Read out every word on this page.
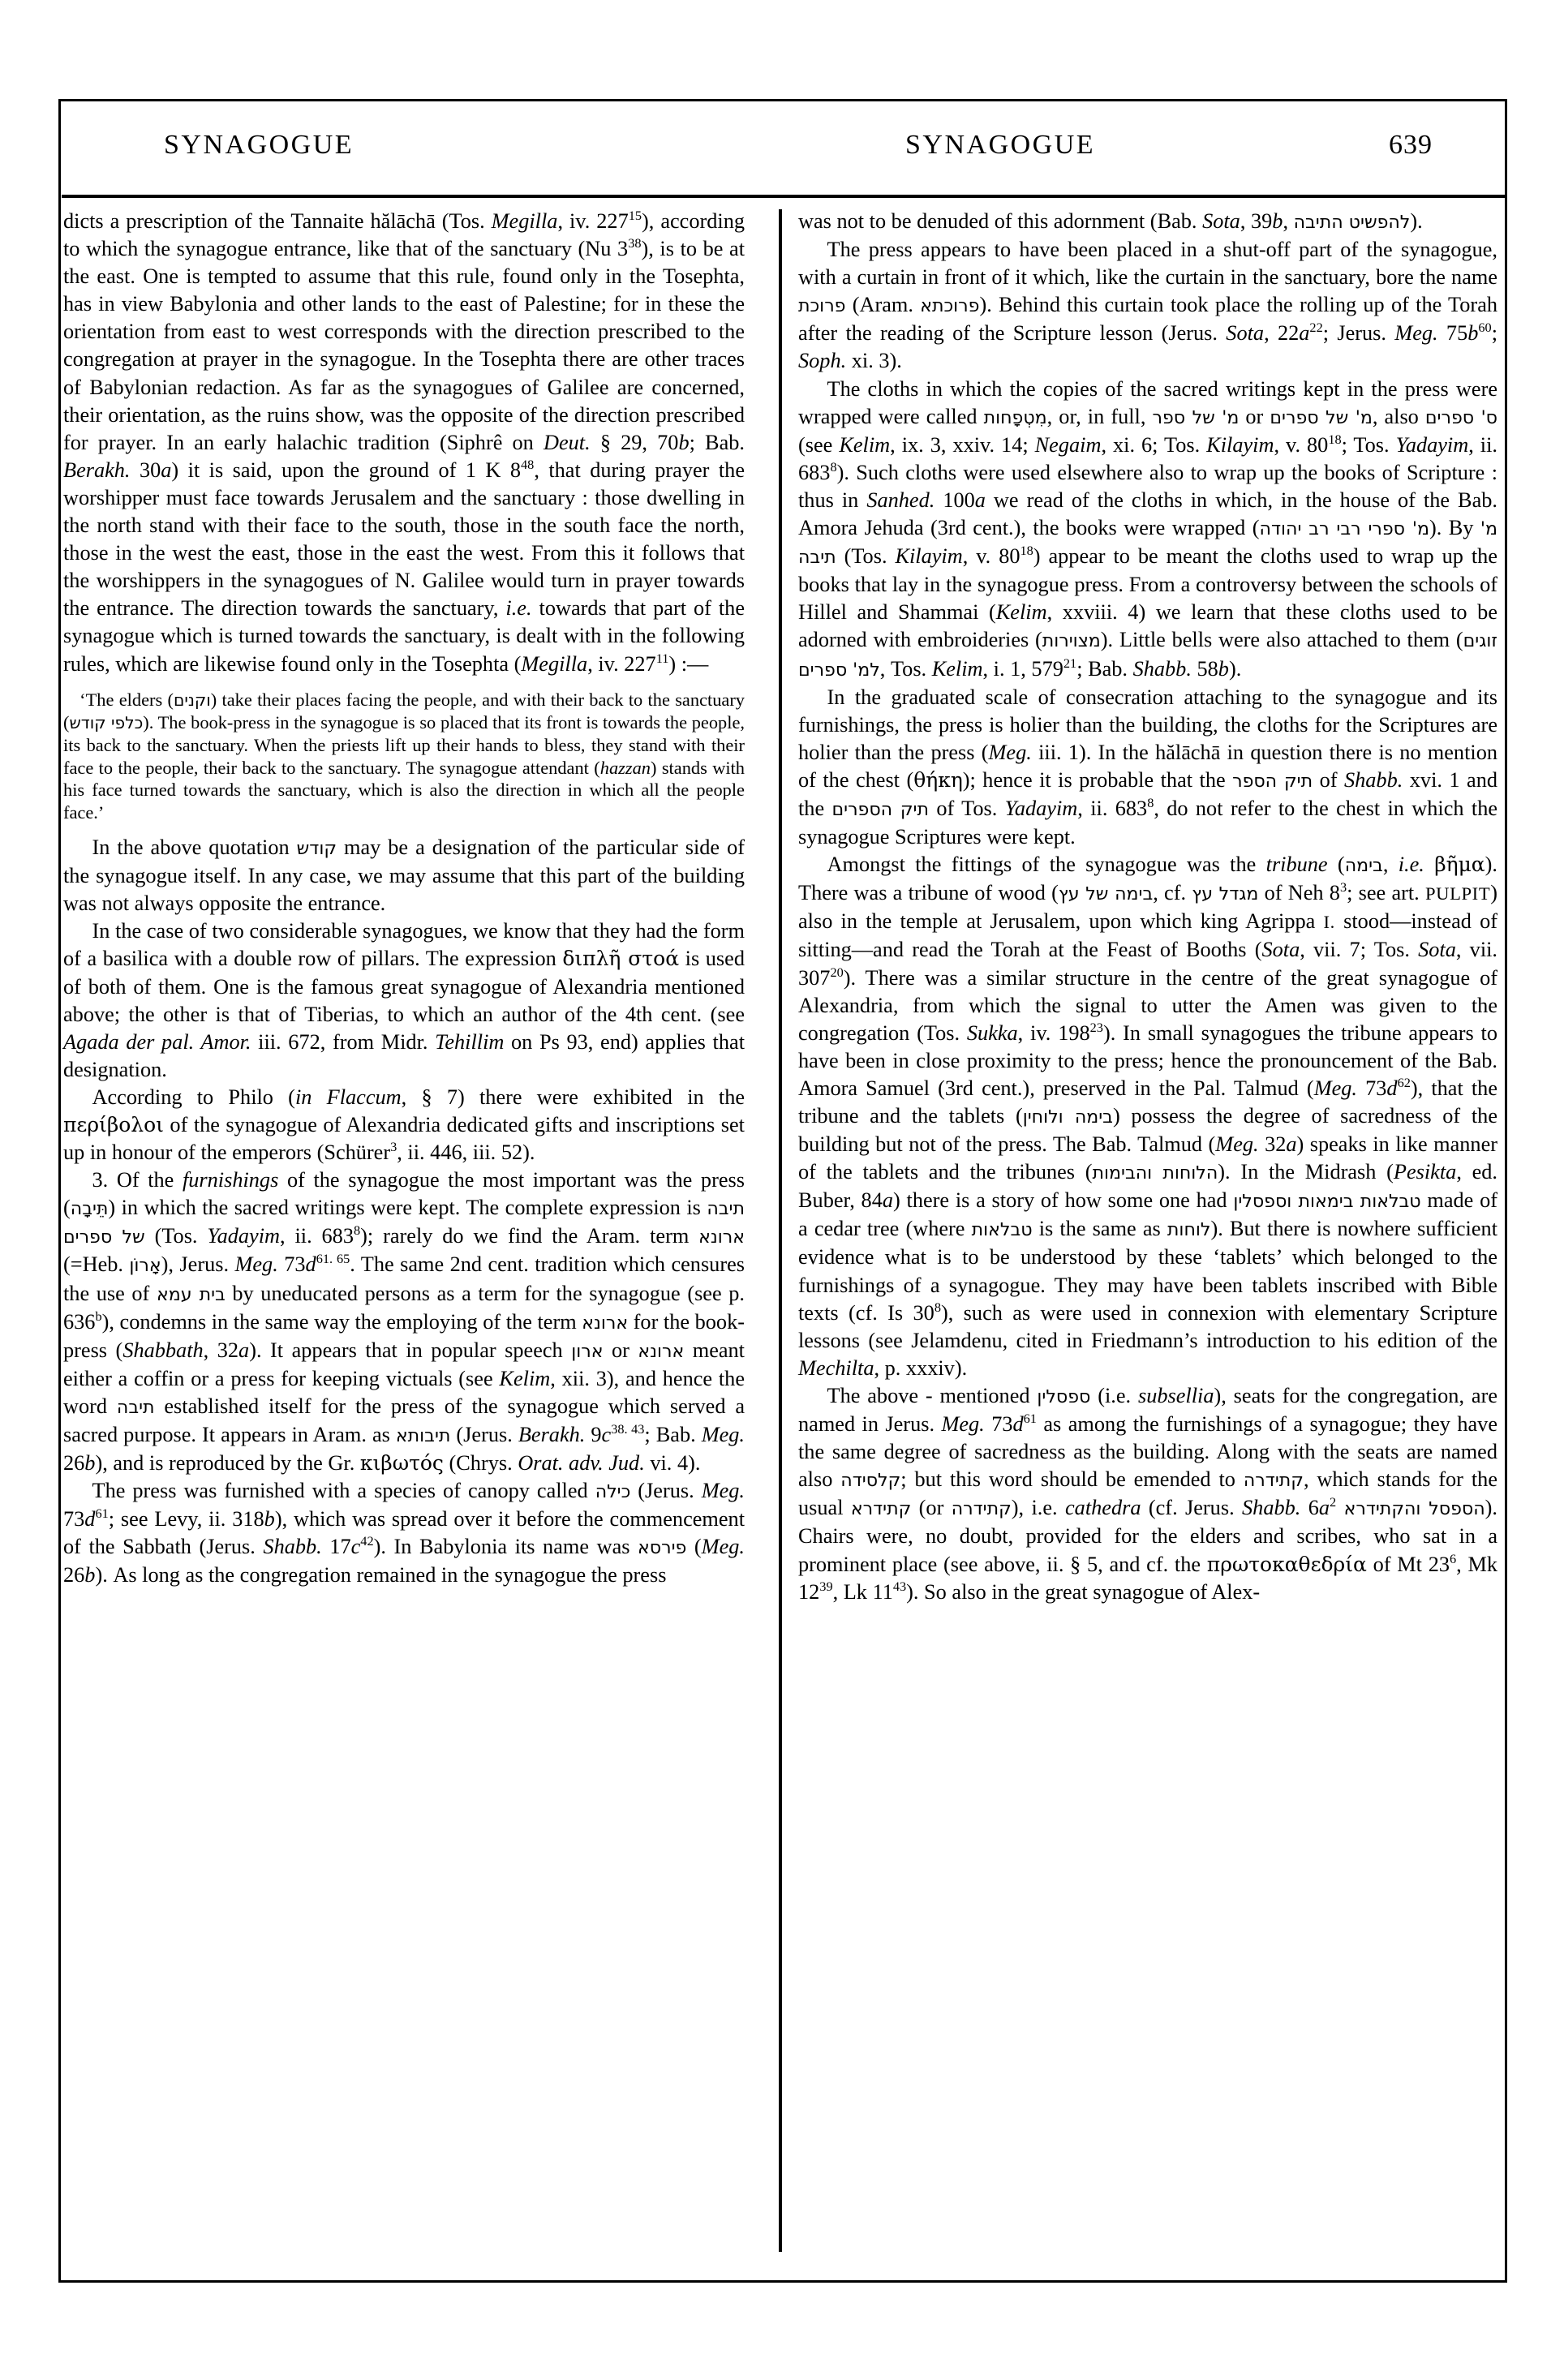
SYNAGOGUE	SYNAGOGUE	639

dicts a prescription of the Tannaite hălāchā (Tos. Megilla, iv. $227^{15}$), according to which the synagogue entrance, like that of the sanctuary (Nu $3^{38}$), is to be at the east. One is tempted to assume that this rule, found only in the Tosephta, has in view Babylonia and other lands to the east of Palestine; for in these the orientation from east to west corresponds with the direction prescribed to the congregation at prayer in the synagogue. In the Tosephta there are other traces of Babylonian redaction. As far as the synagogues of Galilee are concerned, their orientation, as the ruins show, was the opposite of the direction prescribed for prayer. In an early halachic tradition (Siphrê on Deut. § 29, 70b; Bab. Berakh. 30a) it is said, upon the ground of 1 K $8^{48}$, that during prayer the worshipper must face towards Jerusalem and the sanctuary : those dwelling in the north stand with their face to the south, those in the south face the north, those in the west the east, those in the east the west. From this it follows that the worshippers in the synagogues of N. Galilee would turn in prayer towards the entrance. The direction towards the sanctuary, i.e. towards that part of the synagogue which is turned towards the sanctuary, is dealt with in the following rules, which are likewise found only in the Tosephta (Megilla, iv. $227^{11}$) :—

‘The elders (וקנים) take their places facing the people, and with their back to the sanctuary (כלפי קודש). The book-press in the synagogue is so placed that its front is towards the people, its back to the sanctuary. When the priests lift up their hands to bless, they stand with their face to the people, their back to the sanctuary. The synagogue attendant (hazzan) stands with his face turned towards the sanctuary, which is also the direction in which all the people face.’

In the above quotation קודש may be a designation of the particular side of the synagogue itself. In any case, we may assume that this part of the building was not always opposite the entrance.

In the case of two considerable synagogues, we know that they had the form of a basilica with a double row of pillars. The expression διπλῆ στοά is used of both of them. One is the famous great synagogue of Alexandria mentioned above; the other is that of Tiberias, to which an author of the 4th cent. (see Agada der pal. Amor. iii. 672, from Midr. Tehillim on Ps 93, end) applies that designation.

According to Philo (in Flaccum, § 7) there were exhibited in the περίβολοι of the synagogue of Alexandria dedicated gifts and inscriptions set up in honour of the emperors (Schürer$^3$, ii. 446, iii. 52).

3. Of the furnishings of the synagogue the most important was the press (תֵּיבָה) in which the sacred writings were kept. The complete expression is תיבה של ספרים (Tos. Yadayim, ii. $683^8$); rarely do we find the Aram. term ארונא (=Heb. אָרוֹן), Jerus. Meg. $73d^{61. 65}$. The same 2nd cent. tradition which censures the use of בית עמא by uneducated persons as a term for the synagogue (see p. 636$^b$), condemns in the same way the employing of the term ארונא for the book-press (Shabbath, 32a). It appears that in popular speech ארון or ארונא meant either a coffin or a press for keeping victuals (see Kelim, xii. 3), and hence the word תיבה established itself for the press of the synagogue which served a sacred purpose. It appears in Aram. as תיבותא (Jerus. Berakh. $9c^{38. 43}$; Bab. Meg. 26b), and is reproduced by the Gr. κιβωτός (Chrys. Orat. adv. Jud. vi. 4).

The press was furnished with a species of canopy called כילה (Jerus. Meg. $73d^{61}$; see Levy, ii. 318b), which was spread over it before the commencement of the Sabbath (Jerus. Shabb. $17c^{42}$). In Babylonia its name was פירסא (Meg. 26b). As long as the congregation remained in the synagogue the press

was not to be denuded of this adornment (Bab. Sota, 39b, להפשיט התיבה).

The press appears to have been placed in a shut-off part of the synagogue, with a curtain in front of it which, like the curtain in the sanctuary, bore the name פרוכת (Aram. פרוכתא). Behind this curtain took place the rolling up of the Torah after the reading of the Scripture lesson (Jerus. Sota, $22a^{22}$; Jerus. Meg. $75b^{60}$; Soph. xi. 3).

The cloths in which the copies of the sacred writings kept in the press were wrapped were called מִטְפָחות, or, in full, מ' של ספר or מ' של ספרים, also ס' ספרים (see Kelim, ix. 3, xxiv. 14; Negaim, xi. 6; Tos. Kilayim, v. $80^{18}$; Tos. Yadayim, ii. $683^8$). Such cloths were used elsewhere also to wrap up the books of Scripture : thus in Sanhed. 100a we read of the cloths in which, in the house of the Bab. Amora Jehuda (3rd cent.), the books were wrapped (מ' ספרי רבי רב יהודה). By מ' תיבה (Tos. Kilayim, v. $80^{18}$) appear to be meant the cloths used to wrap up the books that lay in the synagogue press. From a controversy between the schools of Hillel and Shammai (Kelim, xxviii. 4) we learn that these cloths used to be adorned with embroideries (מצוירות). Little bells were also attached to them (זוגים למ' ספרים, Tos. Kelim, i. 1, $579^{21}$; Bab. Shabb. 58b).

In the graduated scale of consecration attaching to the synagogue and its furnishings, the press is holier than the building, the cloths for the Scriptures are holier than the press (Meg. iii. 1). In the hălāchā in question there is no mention of the chest (θήκη); hence it is probable that the תיק הספר of Shabb. xvi. 1 and the תיק הספרים of Tos. Yadayim, ii. $683^8$, do not refer to the chest in which the synagogue Scriptures were kept.

Amongst the fittings of the synagogue was the tribune (בימה, i.e. βῆμα). There was a tribune of wood (בימה של עץ, cf. מגדל עץ of Neh $8^3$; see art. PULPIT) also in the temple at Jerusalem, upon which king Agrippa I. stood—instead of sitting—and read the Torah at the Feast of Booths (Sota, vii. 7; Tos. Sota, vii. $307^{20}$). There was a similar structure in the centre of the great synagogue of Alexandria, from which the signal to utter the Amen was given to the congregation (Tos. Sukka, iv. $198^{23}$). In small synagogues the tribune appears to have been in close proximity to the press; hence the pronouncement of the Bab. Amora Samuel (3rd cent.), preserved in the Pal. Talmud (Meg. $73d^{62}$), that the tribune and the tablets (בימה ולוחין) possess the degree of sacredness of the building but not of the press. The Bab. Talmud (Meg. 32a) speaks in like manner of the tablets and the tribunes (הלוחות והבימות). In the Midrash (Pesikta, ed. Buber, 84a) there is a story of how some one had טבלאות בימאות וספסלין made of a cedar tree (where טבלאות is the same as לוחות). But there is nowhere sufficient evidence what is to be understood by these ‘tablets’ which belonged to the furnishings of a synagogue. They may have been tablets inscribed with Bible texts (cf. Is $30^8$), such as were used in connexion with elementary Scripture lessons (see Jelamdenu, cited in Friedmann’s introduction to his edition of the Mechilta, p. xxxiv).

The above - mentioned ספסלין (i.e. subsellia), seats for the congregation, are named in Jerus. Meg. $73d^{61}$ as among the furnishings of a synagogue; they have the same degree of sacredness as the building. Along with the seats are named also קלסידה; but this word should be emended to קתידרה, which stands for the usual קתידרא (or קתידרה), i.e. cathedra (cf. Jerus. Shabb. $6a^2$ הספסל והקתידרא). Chairs were, no doubt, provided for the elders and scribes, who sat in a prominent place (see above, ii. § 5, and cf. the πρωτοκαθεδρία of Mt $23^6$, Mk $12^{39}$, Lk $11^{43}$). So also in the great synagogue of Alex-
